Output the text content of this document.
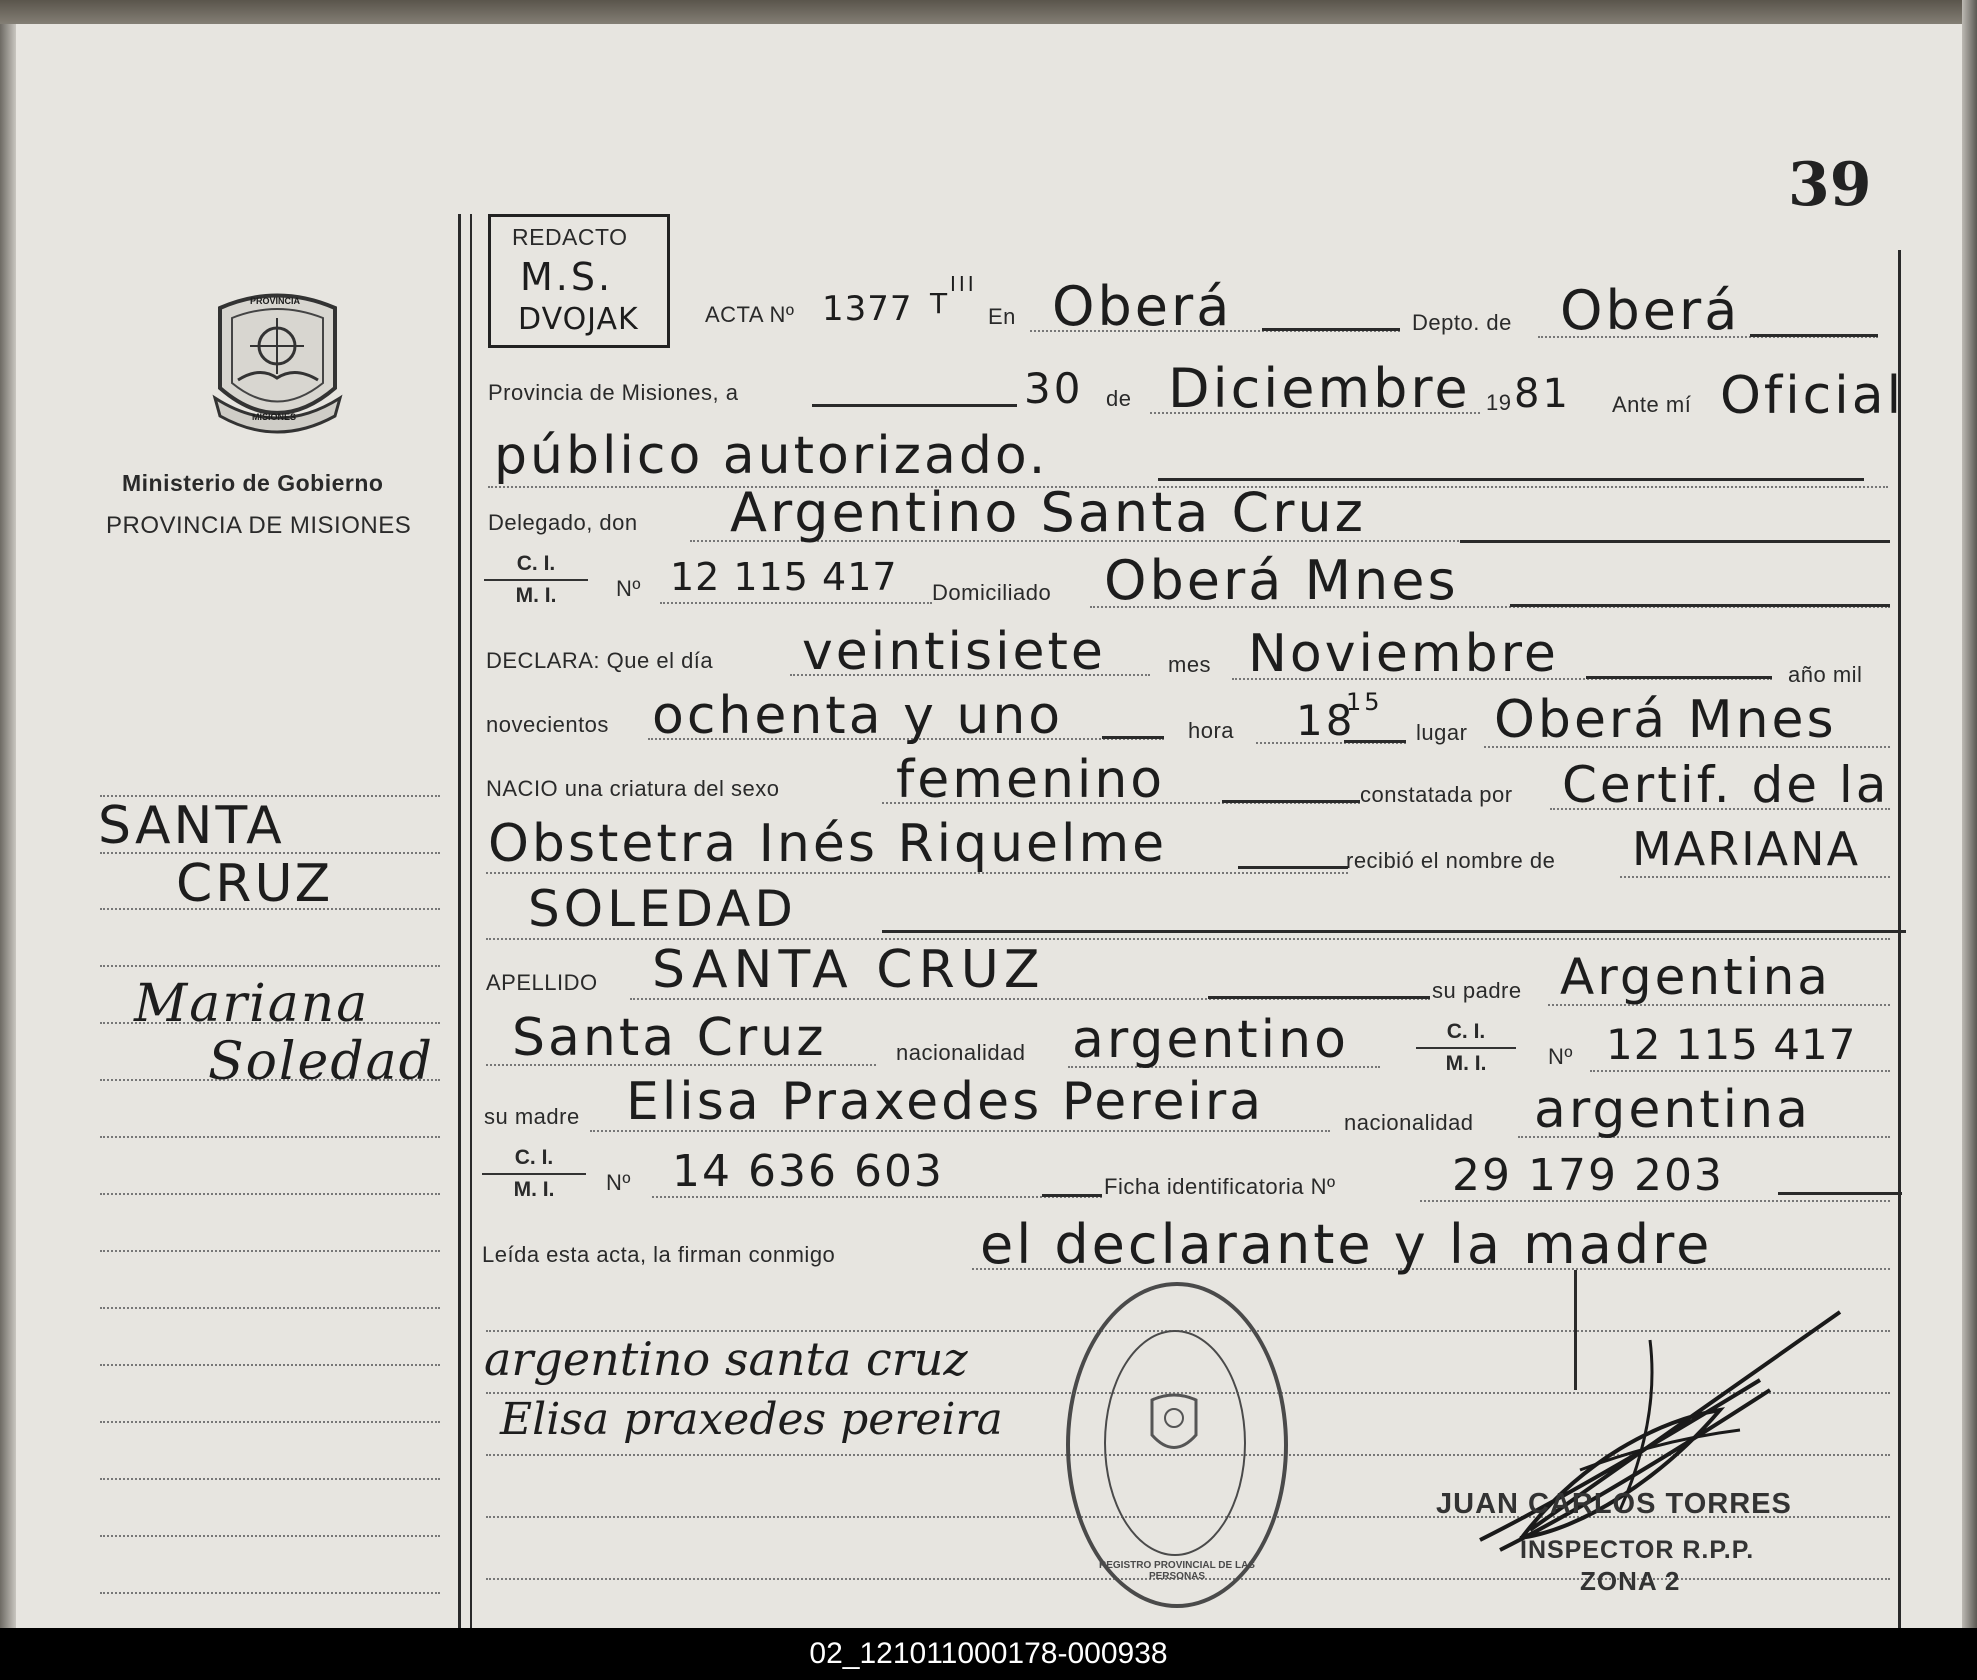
39
PROVINCIA
MISIONES
Ministerio de Gobierno
PROVINCIA DE MISIONES
SANTA
CRUZ
Mariana
Soledad
REDACTO
M.S.
DVOJAK	ACTA Nº 1377 T
III
En Oberá	Depto. de Oberá
Provincia de Misiones, a	30 de Diciembre 19 81 Ante mí Oficial
público autorizado.
Delegado, don Argentino Santa Cruz
C. I.
M. I.	Nº 12 115 417 Domiciliado Oberá Mnes
DECLARA: Que el día veintisiete	mes Noviembre	año mil
novecientos ochenta y uno	hora 18
15
lugar Oberá Mnes
NACIO una criatura del sexo femenino	constatada por Certif. de la
Obstetra Inés Riquelme	recibió el nombre de MARIANA
SOLEDAD
APELLIDO SANTA CRUZ	su padre Argentina
Santa Cruz	nacionalidad argentino	C. I.
M. I.	Nº 12 115 417
su madre Elisa Praxedes Pereira	nacionalidad argentina
C. I.
M. I.	Nº 14 636 603	Ficha identificatoria Nº	29 179 203
Leída esta acta, la firman conmigo	el declarante y la madre
argentino santa cruz
Elisa praxedes pereira
REGISTRO PROVINCIAL DE LAS PERSONAS
JUAN CARLOS TORRES
INSPECTOR R.P.P.
ZONA 2
02_121011000178-000938
